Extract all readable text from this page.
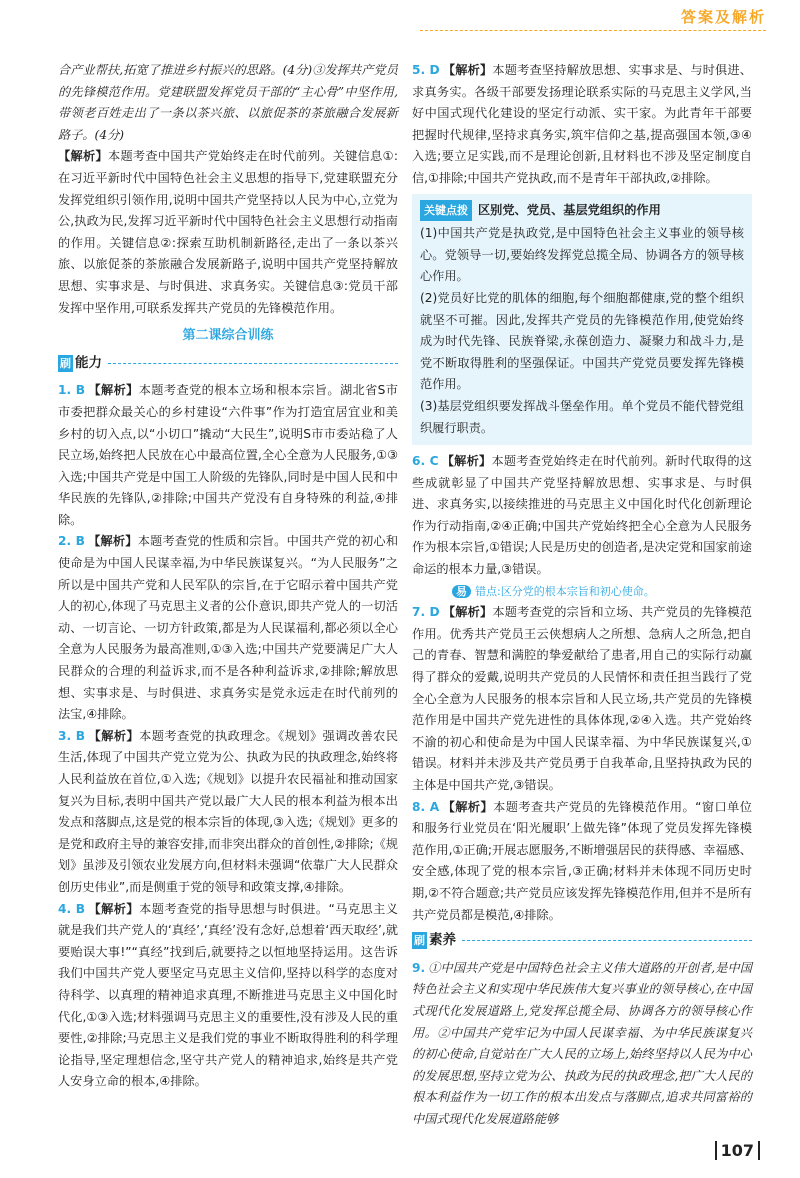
答案及解析

合产业帮扶,拓宽了推进乡村振兴的思路。(4分)③发挥共产党员的先锋模范作用。党建联盟发挥党员干部的“主心骨”中坚作用,带领老百姓走出了一条以茶兴旅、以旅促茶的茶旅融合发展新路子。(4分)

【解析】本题考查中国共产党始终走在时代前列。关键信息①:在习近平新时代中国特色社会主义思想的指导下,党建联盟充分发挥党组织引领作用,说明中国共产党坚持以人民为中心,立党为公,执政为民,发挥习近平新时代中国特色社会主义思想行动指南的作用。关键信息②:探索互助机制新路径,走出了一条以茶兴旅、以旅促茶的茶旅融合发展新路子,说明中国共产党坚持解放思想、实事求是、与时俱进、求真务实。关键信息③:党员干部发挥中坚作用,可联系发挥共产党员的先锋模范作用。

第二课综合训练
刷 能力

1. B 【解析】本题考查党的根本立场和根本宗旨。湖北省S市市委把群众最关心的乡村建设“六件事”作为打造宜居宜业和美乡村的切入点,以“小切口”撬动“大民生”,说明S市市委站稳了人民立场,始终把人民放在心中最高位置,全心全意为人民服务,①③入选;中国共产党是中国工人阶级的先锋队,同时是中国人民和中华民族的先锋队,②排除;中国共产党没有自身特殊的利益,④排除。

2. B 【解析】本题考查党的性质和宗旨。中国共产党的初心和使命是为中国人民谋幸福,为中华民族谋复兴。“为人民服务”之所以是中国共产党和人民军队的宗旨,在于它昭示着中国共产党人的初心,体现了马克思主义者的公仆意识,即共产党人的一切活动、一切言论、一切方针政策,都是为人民谋福利,都必须以全心全意为人民服务为最高准则,①③入选;中国共产党要满足广大人民群众的合理的利益诉求,而不是各种利益诉求,②排除;解放思想、实事求是、与时俱进、求真务实是党永远走在时代前列的法宝,④排除。

3. B 【解析】本题考查党的执政理念。《规划》强调改善农民生活,体现了中国共产党立党为公、执政为民的执政理念,始终将人民利益放在首位,①入选;《规划》以提升农民福祉和推动国家复兴为目标,表明中国共产党以最广大人民的根本利益为根本出发点和落脚点,这是党的根本宗旨的体现,③入选;《规划》更多的是党和政府主导的兼容安排,而非突出群众的首创性,②排除;《规划》虽涉及引领农业发展方向,但材料未强调“依靠广大人民群众创历史伟业”,而是侧重于党的领导和政策支撑,④排除。

4. B 【解析】本题考查党的指导思想与时俱进。“马克思主义就是我们共产党人的‘真经’,‘真经’没有念好,总想着‘西天取经’,就要贻误大事!”“真经”找到后,就要持之以恒地坚持运用。这告诉我们中国共产党人要坚定马克思主义信仰,坚持以科学的态度对待科学、以真理的精神追求真理,不断推进马克思主义中国化时代化,①③入选;材料强调马克思主义的重要性,没有涉及人民的重要性,②排除;马克思主义是我们党的事业不断取得胜利的科学理论指导,坚定理想信念,坚守共产党人的精神追求,始终是共产党人安身立命的根本,④排除。

5. D 【解析】本题考查坚持解放思想、实事求是、与时俱进、求真务实。各级干部要发扬理论联系实际的马克思主义学风,当好中国式现代化建设的坚定行动派、实干家。为此青年干部要把握时代规律,坚持求真务实,筑牢信仰之基,提高强国本领,③④入选;要立足实践,而不是理论创新,且材料也不涉及坚定制度自信,①排除;中国共产党执政,而不是青年干部执政,②排除。

关键点拨 区别党、党员、基层党组织的作用

(1)中国共产党是执政党,是中国特色社会主义事业的领导核心。党领导一切,要始终发挥党总揽全局、协调各方的领导核心作用。

(2)党员好比党的肌体的细胞,每个细胞都健康,党的整个组织就坚不可摧。因此,发挥共产党员的先锋模范作用,使党始终成为时代先锋、民族脊梁,永葆创造力、凝聚力和战斗力,是党不断取得胜利的坚强保证。中国共产党党员要发挥先锋模范作用。

(3)基层党组织要发挥战斗堡垒作用。单个党员不能代替党组织履行职责。

6. C 【解析】本题考查党始终走在时代前列。新时代取得的这些成就彰显了中国共产党坚持解放思想、实事求是、与时俱进、求真务实,以接续推进的马克思主义中国化时代化创新理论作为行动指南,②④正确;中国共产党始终把全心全意为人民服务作为根本宗旨,①错误;人民是历史的创造者,是决定党和国家前途命运的根本力量,③错误。

易 错点:区分党的根本宗旨和初心使命。

7. D 【解析】本题考查党的宗旨和立场、共产党员的先锋模范作用。优秀共产党员王云侠想病人之所想、急病人之所急,把自己的青春、智慧和满腔的挚爱献给了患者,用自己的实际行动赢得了群众的爱戴,说明共产党员的人民情怀和责任担当践行了党全心全意为人民服务的根本宗旨和人民立场,共产党员的先锋模范作用是中国共产党先进性的具体体现,②④入选。共产党始终不渝的初心和使命是为中国人民谋幸福、为中华民族谋复兴,①错误。材料并未涉及共产党员勇于自我革命,且坚持执政为民的主体是中国共产党,③错误。

8. A 【解析】本题考查共产党员的先锋模范作用。“窗口单位和服务行业党员在‘阳光履职’上做先锋”体现了党员发挥先锋模范作用,①正确;开展志愿服务,不断增强居民的获得感、幸福感、安全感,体现了党的根本宗旨,③正确;材料并未体现不同历史时期,②不符合题意;共产党员应该发挥先锋模范作用,但并不是所有共产党员都是模范,④排除。

刷 素养

9. ①中国共产党是中国特色社会主义伟大道路的开创者,是中国特色社会主义和实现中华民族伟大复兴事业的领导核心,在中国式现代化发展道路上,党发挥总揽全局、协调各方的领导核心作用。②中国共产党牢记为中国人民谋幸福、为中华民族谋复兴的初心使命,自觉站在广大人民的立场上,始终坚持以人民为中心的发展思想,坚持立党为公、执政为民的执政理念,把广大人民的根本利益作为一切工作的根本出发点与落脚点,追求共同富裕的中国式现代化发展道路能够

107
